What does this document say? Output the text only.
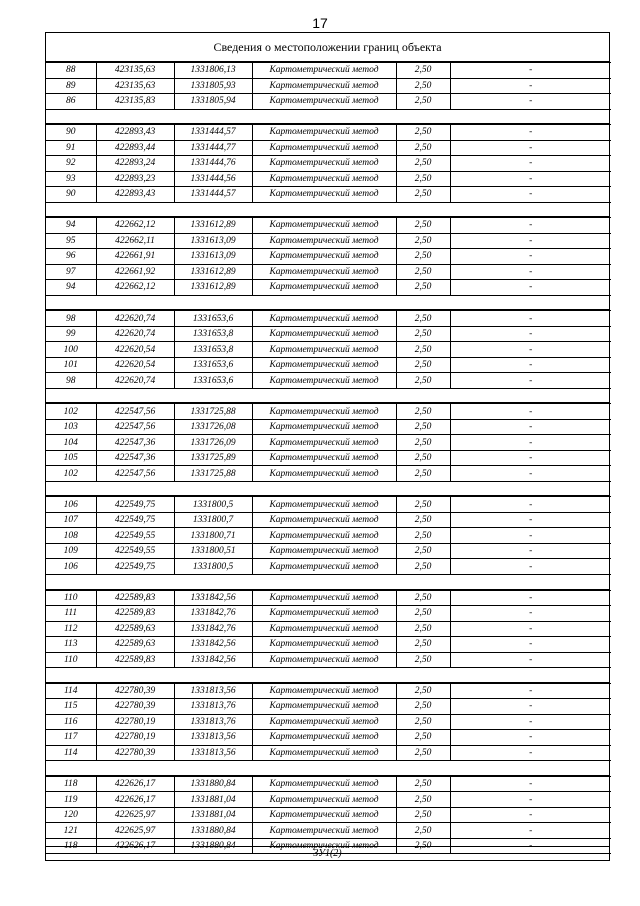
17
Сведения о местоположении границ объекта
88	423135,63	1331806,13	Картометрический метод	2,50	-
89	423135,63	1331805,93	Картометрический метод	2,50	-
86	423135,83	1331805,94	Картометрический метод	2,50	-
90	422893,43	1331444,57	Картометрический метод	2,50	-
91	422893,44	1331444,77	Картометрический метод	2,50	-
92	422893,24	1331444,76	Картометрический метод	2,50	-
93	422893,23	1331444,56	Картометрический метод	2,50	-
90	422893,43	1331444,57	Картометрический метод	2,50	-
94	422662,12	1331612,89	Картометрический метод	2,50	-
95	422662,11	1331613,09	Картометрический метод	2,50	-
96	422661,91	1331613,09	Картометрический метод	2,50	-
97	422661,92	1331612,89	Картометрический метод	2,50	-
94	422662,12	1331612,89	Картометрический метод	2,50	-
98	422620,74	1331653,6	Картометрический метод	2,50	-
99	422620,74	1331653,8	Картометрический метод	2,50	-
100	422620,54	1331653,8	Картометрический метод	2,50	-
101	422620,54	1331653,6	Картометрический метод	2,50	-
98	422620,74	1331653,6	Картометрический метод	2,50	-
102	422547,56	1331725,88	Картометрический метод	2,50	-
103	422547,56	1331726,08	Картометрический метод	2,50	-
104	422547,36	1331726,09	Картометрический метод	2,50	-
105	422547,36	1331725,89	Картометрический метод	2,50	-
102	422547,56	1331725,88	Картометрический метод	2,50	-
106	422549,75	1331800,5	Картометрический метод	2,50	-
107	422549,75	1331800,7	Картометрический метод	2,50	-
108	422549,55	1331800,71	Картометрический метод	2,50	-
109	422549,55	1331800,51	Картометрический метод	2,50	-
106	422549,75	1331800,5	Картометрический метод	2,50	-
110	422589,83	1331842,56	Картометрический метод	2,50	-
111	422589,83	1331842,76	Картометрический метод	2,50	-
112	422589,63	1331842,76	Картометрический метод	2,50	-
113	422589,63	1331842,56	Картометрический метод	2,50	-
110	422589,83	1331842,56	Картометрический метод	2,50	-
114	422780,39	1331813,56	Картометрический метод	2,50	-
115	422780,39	1331813,76	Картометрический метод	2,50	-
116	422780,19	1331813,76	Картометрический метод	2,50	-
117	422780,19	1331813,56	Картометрический метод	2,50	-
114	422780,39	1331813,56	Картометрический метод	2,50	-
118	422626,17	1331880,84	Картометрический метод	2,50	-
119	422626,17	1331881,04	Картометрический метод	2,50	-
120	422625,97	1331881,04	Картометрический метод	2,50	-
121	422625,97	1331880,84	Картометрический метод	2,50	-
118	422626,17	1331880,84	Картометрический метод	2,50	-
ЗУ1(2)
